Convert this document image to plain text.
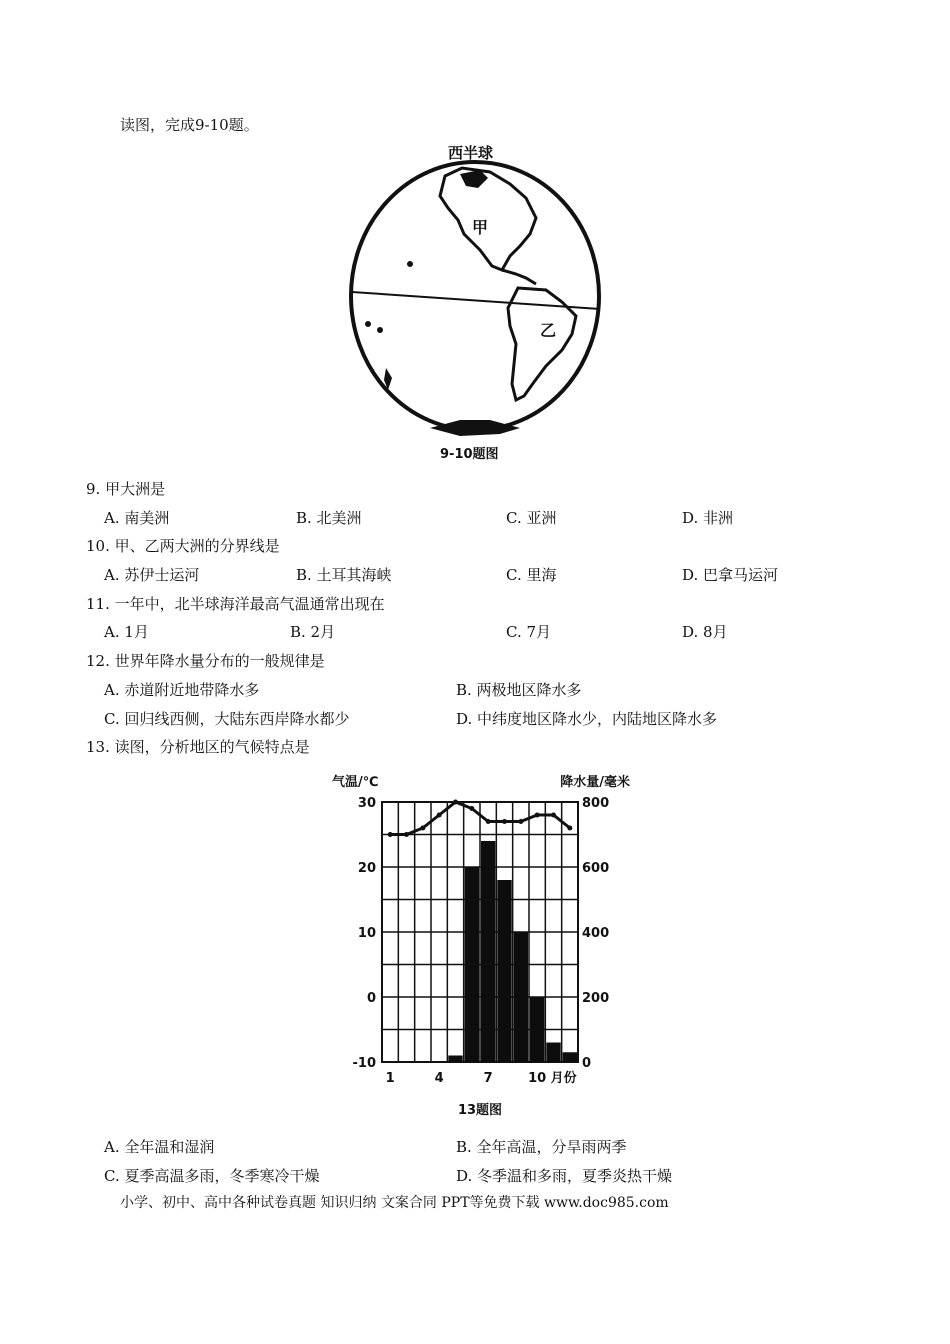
读图，完成9-10题。
西半球
甲
乙
9-10题图
9. 甲大洲是
A. 南美洲	B. 北美洲	C. 亚洲	D. 非洲
10. 甲、乙两大洲的分界线是
A. 苏伊士运河	B. 土耳其海峡	C. 里海	D. 巴拿马运河
11. 一年中，北半球海洋最高气温通常出现在
A. 1月	B. 2月	C. 7月	D. 8月
12. 世界年降水量分布的一般规律是
A. 赤道附近地带降水多	B. 两极地区降水多
C. 回归线西侧，大陆东西岸降水都少	D. 中纬度地区降水少，内陆地区降水多
13. 读图，分析地区的气候特点是
气温/℃	降水量/毫米
30
20
10
0
-10
800
600
400
200
0
1	4	7	10 月份
13题图
A. 全年温和湿润	B. 全年高温，分旱雨两季
C. 夏季高温多雨，冬季寒冷干燥	D. 冬季温和多雨，夏季炎热干燥
小学、初中、高中各种试卷真题 知识归纳 文案合同 PPT等免费下载 www.doc985.com
